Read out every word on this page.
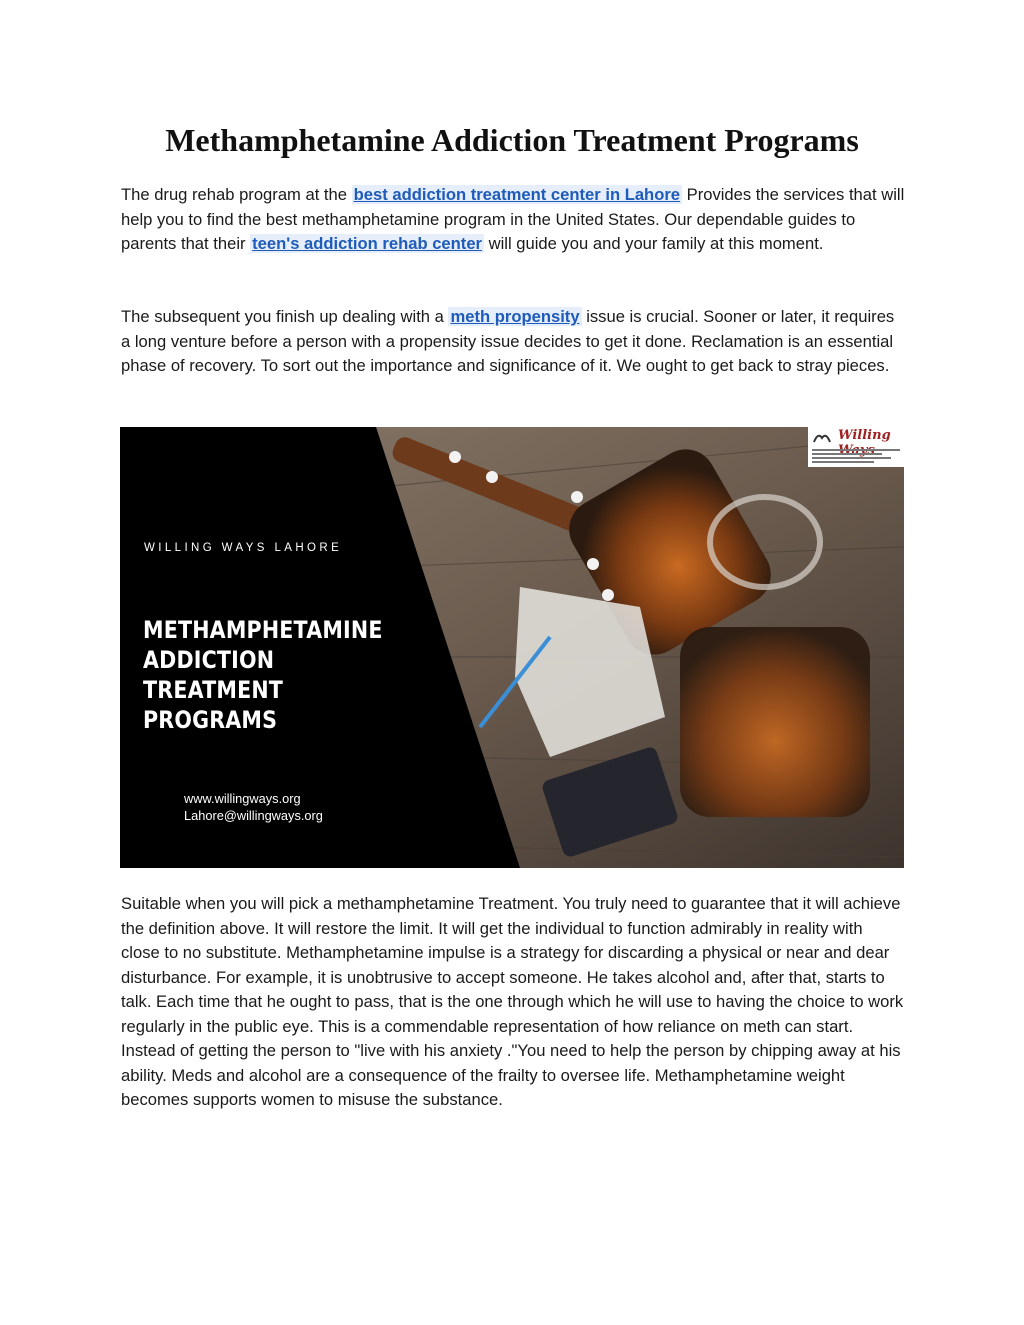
Methamphetamine Addiction Treatment Programs

The drug rehab program at the best addiction treatment center in Lahore Provides the services that will help you to find the best methamphetamine program in the United States. Our dependable guides to parents that their teen's addiction rehab center will guide you and your family at this moment.

The subsequent you finish up dealing with a meth propensity issue is crucial. Sooner or later, it requires a long venture before a person with a propensity issue decides to get it done. Reclamation is an essential phase of recovery. To sort out the importance and significance of it. We ought to get back to stray pieces.

WILLING WAYS LAHORE
METHAMPHETAMINE ADDICTION TREATMENT PROGRAMS
www.willingways.org
Lahore@willingways.org
Willing

Suitable when you will pick a methamphetamine Treatment. You truly need to guarantee that it will achieve the definition above. It will restore the limit. It will get the individual to function admirably in reality with close to no substitute. Methamphetamine impulse is a strategy for discarding a physical or near and dear disturbance. For example, it is unobtrusive to accept someone. He takes alcohol and, after that, starts to talk. Each time that he ought to pass, that is the one through which he will use to having the choice to work regularly in the public eye. This is a commendable representation of how reliance on meth can start. Instead of getting the person to "live with his anxiety ."You need to help the person by chipping away at his ability. Meds and alcohol are a consequence of the frailty to oversee life. Methamphetamine weight becomes supports women to misuse the substance.
